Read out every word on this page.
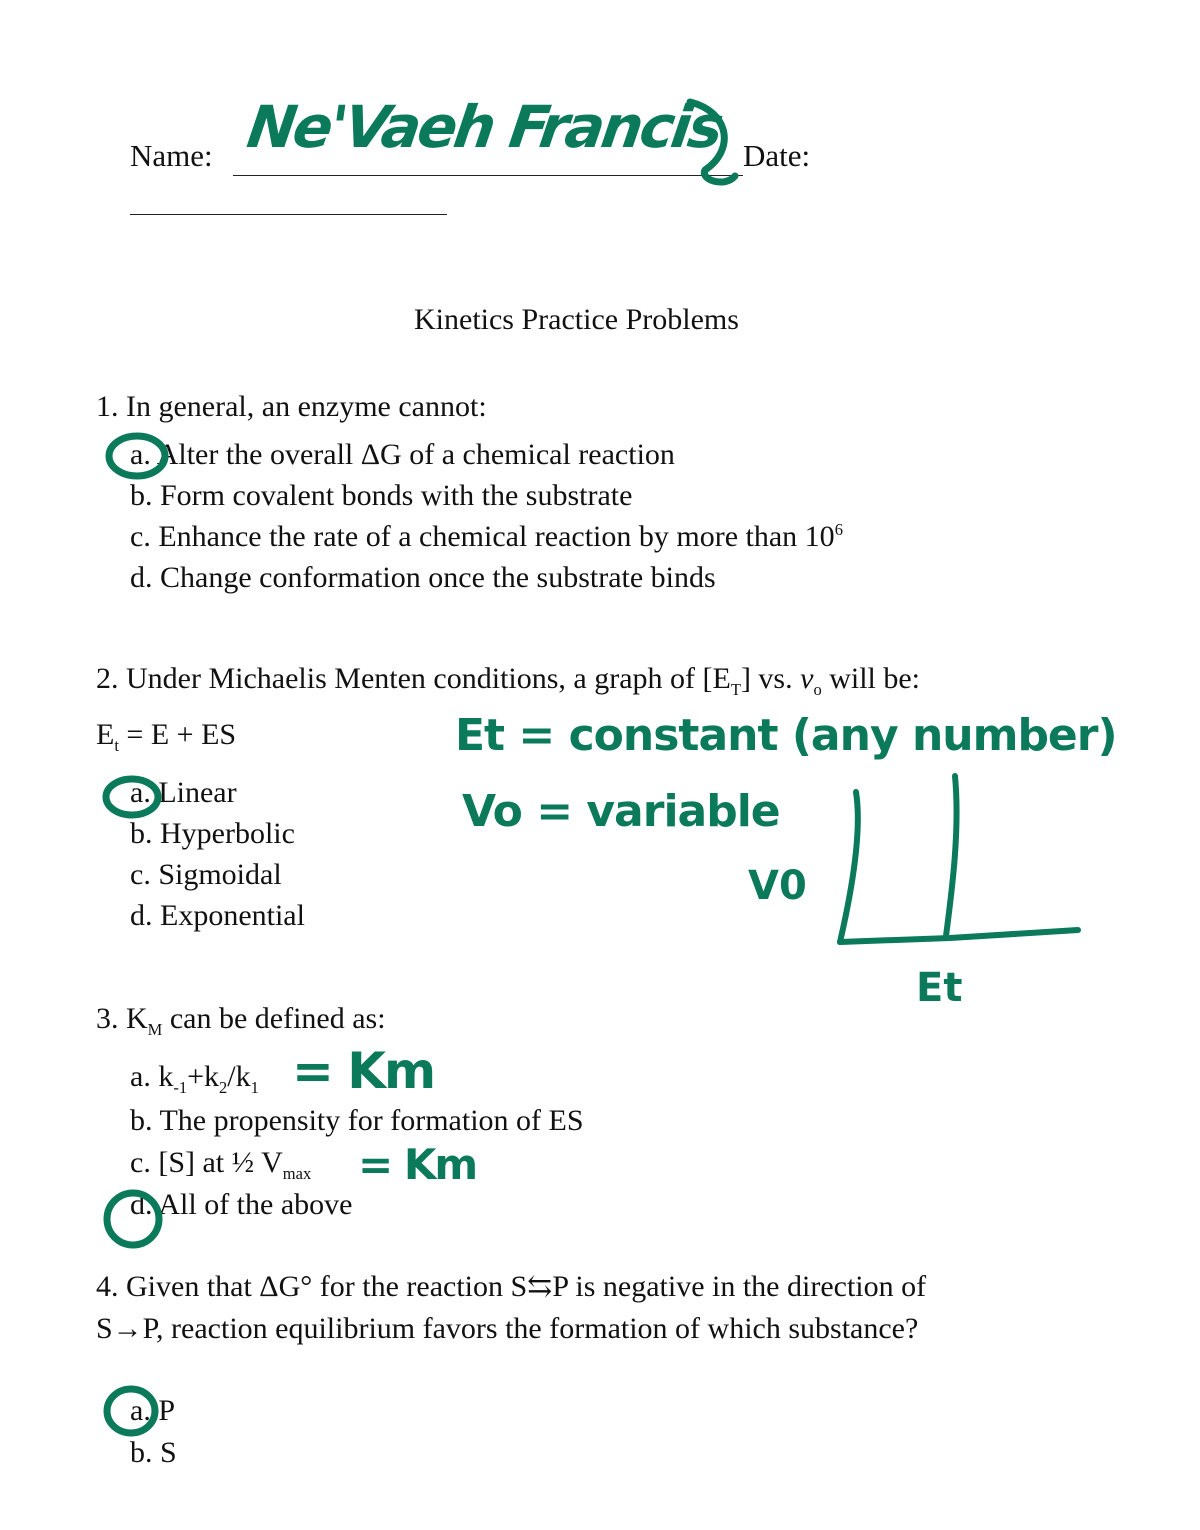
Name:	Date:
Kinetics Practice Problems
1. In general, an enzyme cannot:
a. Alter the overall ΔG of a chemical reaction
b. Form covalent bonds with the substrate
c. Enhance the rate of a chemical reaction by more than $10^6$
d. Change conformation once the substrate binds
2. Under Michaelis Menten conditions, a graph of $[E_T]$ vs. $v_o$ will be:
$E_t = E$ + ES
a. Linear
b. Hyperbolic
c. Sigmoidal
d. Exponential
3. $K_M$ can be defined as:
a. $k_{-1}+k_2/k_1$
b. The propensity for formation of ES
c. [S] at ½ $V_{max}$
d. All of the above
4. Given that ΔG° for the reaction S⇆P is negative in the direction of
S→P, reaction equilibrium favors the formation of which substance?
a. P
b. S
Ne'Vaeh Francis
Et = constant (any number)
Vo = variable
V0
Et
= Km
= Km
